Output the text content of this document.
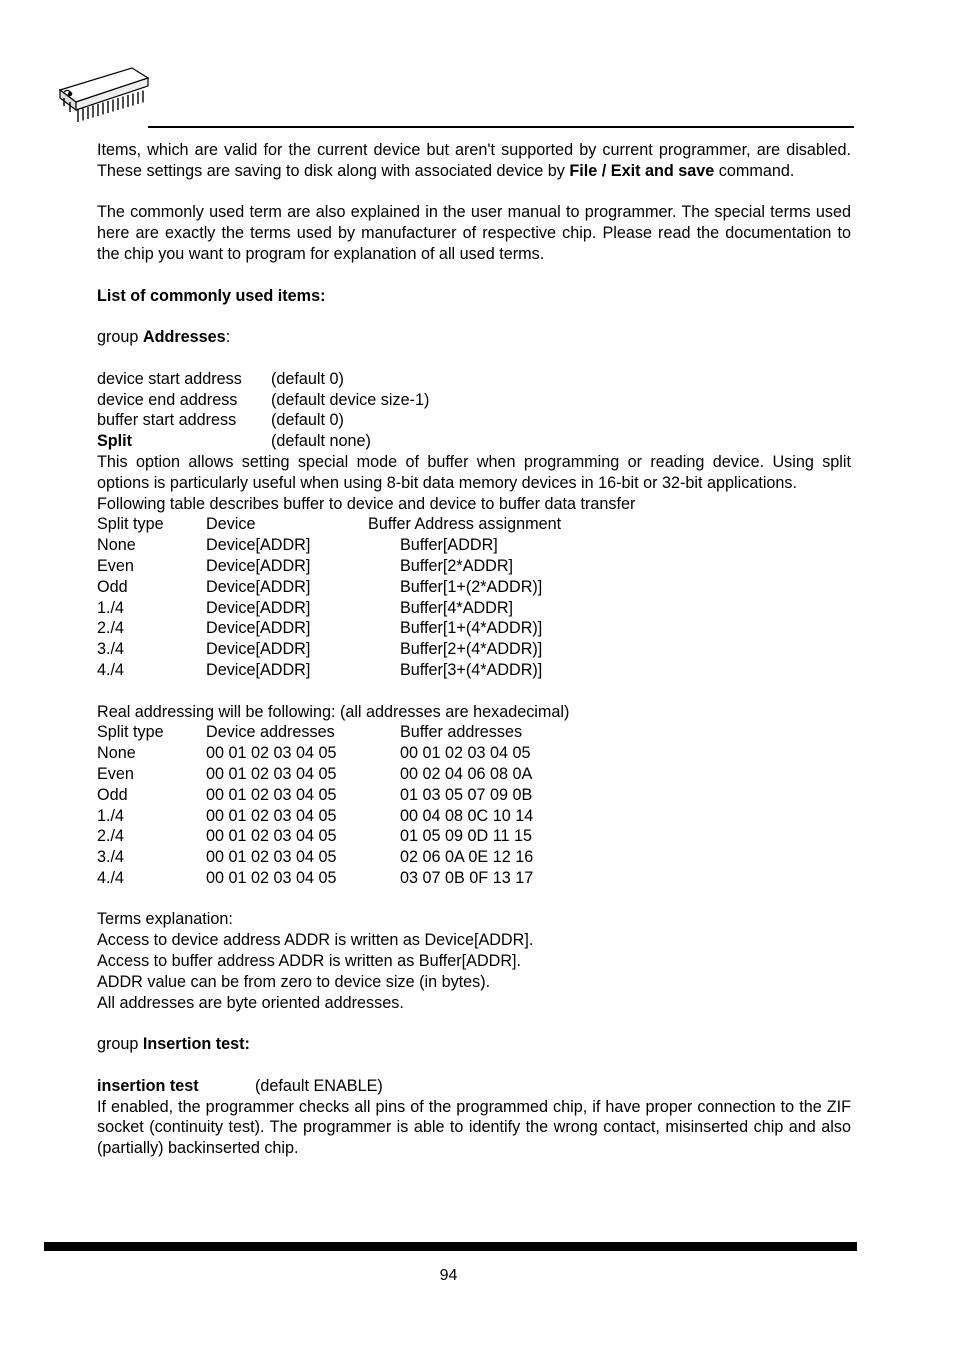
Items, which are valid for the current device but aren't supported by current programmer, are disabled. These settings are saving to disk along with associated device by File / Exit and save command.

The commonly used term are also explained in the user manual to programmer. The special terms used here are exactly the terms used by manufacturer of respective chip. Please read the documentation to the chip you want to program for explanation of all used terms.

List of commonly used items:
group Addresses:
device start address	(default 0)
device end address	(default device size-1)
buffer start address	(default 0)
Split	(default none)

This option allows setting special mode of buffer when programming or reading device. Using split options is particularly useful when using 8-bit data memory devices in 16-bit or 32-bit applications.

Following table describes buffer to device and device to buffer data transfer
Split type	Device	Buffer Address assignment
None	Device[ADDR]	Buffer[ADDR]
Even	Device[ADDR]	Buffer[2*ADDR]
Odd	Device[ADDR]	Buffer[1+(2*ADDR)]
1./4	Device[ADDR]	Buffer[4*ADDR]
2./4	Device[ADDR]	Buffer[1+(4*ADDR)]
3./4	Device[ADDR]	Buffer[2+(4*ADDR)]
4./4	Device[ADDR]	Buffer[3+(4*ADDR)]
Real addressing will be following: (all addresses are hexadecimal)
Split type	Device addresses	Buffer addresses
None	00 01 02 03 04 05	00 01 02 03 04 05
Even	00 01 02 03 04 05	00 02 04 06 08 0A
Odd	00 01 02 03 04 05	01 03 05 07 09 0B
1./4	00 01 02 03 04 05	00 04 08 0C 10 14
2./4	00 01 02 03 04 05	01 05 09 0D 11 15
3./4	00 01 02 03 04 05	02 06 0A 0E 12 16
4./4	00 01 02 03 04 05	03 07 0B 0F 13 17
Terms explanation:
Access to device address ADDR is written as Device[ADDR].
Access to buffer address ADDR is written as Buffer[ADDR].
ADDR value can be from zero to device size (in bytes).
All addresses are byte oriented addresses.
group Insertion test:
insertion test	(default ENABLE)

If enabled, the programmer checks all pins of the programmed chip, if have proper connection to the ZIF socket (continuity test). The programmer is able to identify the wrong contact, misinserted chip and also (partially) backinserted chip.

94
